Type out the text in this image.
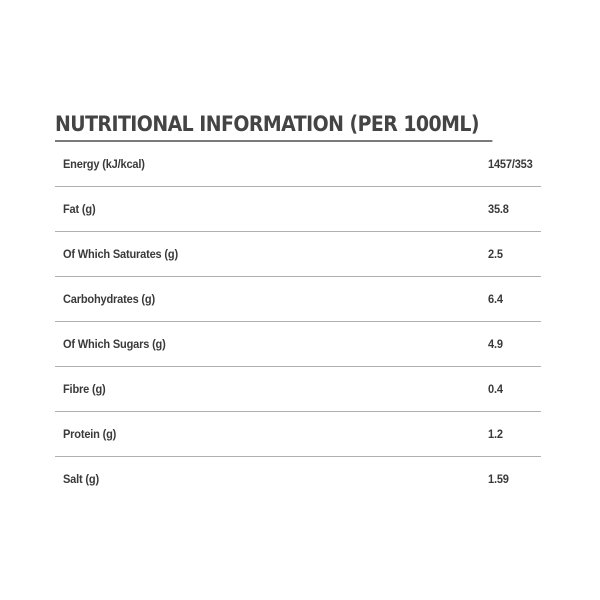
NUTRITIONAL INFORMATION (PER 100ML)
Energy (kJ/kcal)	1457/353
Fat (g)	35.8
Of Which Saturates (g)	2.5
Carbohydrates (g)	6.4
Of Which Sugars (g)	4.9
Fibre (g)	0.4
Protein (g)	1.2
Salt (g)	1.59
